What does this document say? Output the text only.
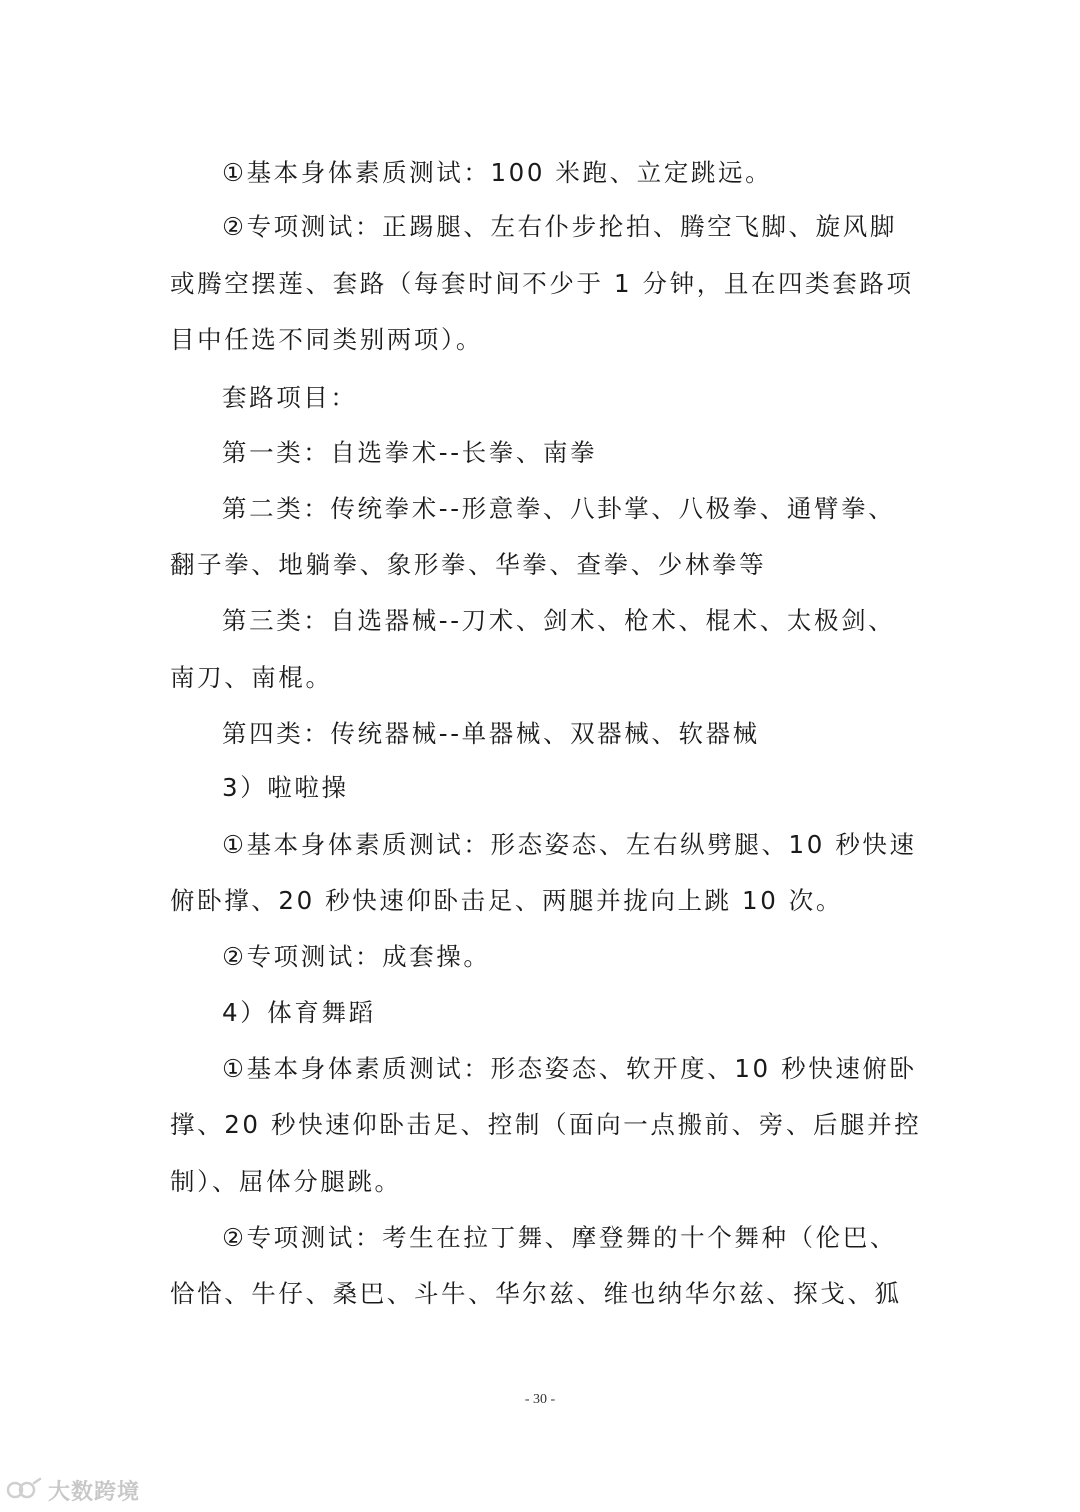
①基本身体素质测试：100 米跑、立定跳远。
②专项测试：正踢腿、左右仆步抡拍、腾空飞脚、旋风脚
或腾空摆莲、套路（每套时间不少于 1 分钟，且在四类套路项
目中任选不同类别两项）。
套路项目：
第一类：自选拳术--长拳、南拳
第二类：传统拳术--形意拳、八卦掌、八极拳、通臂拳、
翻子拳、地躺拳、象形拳、华拳、查拳、少林拳等
第三类：自选器械--刀术、剑术、枪术、棍术、太极剑、
南刀、南棍。
第四类：传统器械--单器械、双器械、软器械
3）啦啦操
①基本身体素质测试：形态姿态、左右纵劈腿、10 秒快速
俯卧撑、20 秒快速仰卧击足、两腿并拢向上跳 10 次。
②专项测试：成套操。
4）体育舞蹈
①基本身体素质测试：形态姿态、软开度、10 秒快速俯卧
撑、20 秒快速仰卧击足、控制（面向一点搬前、旁、后腿并控
制）、屈体分腿跳。
②专项测试：考生在拉丁舞、摩登舞的十个舞种（伦巴、
恰恰、牛仔、桑巴、斗牛、华尔兹、维也纳华尔兹、探戈、狐
- 30 -
大数跨境
